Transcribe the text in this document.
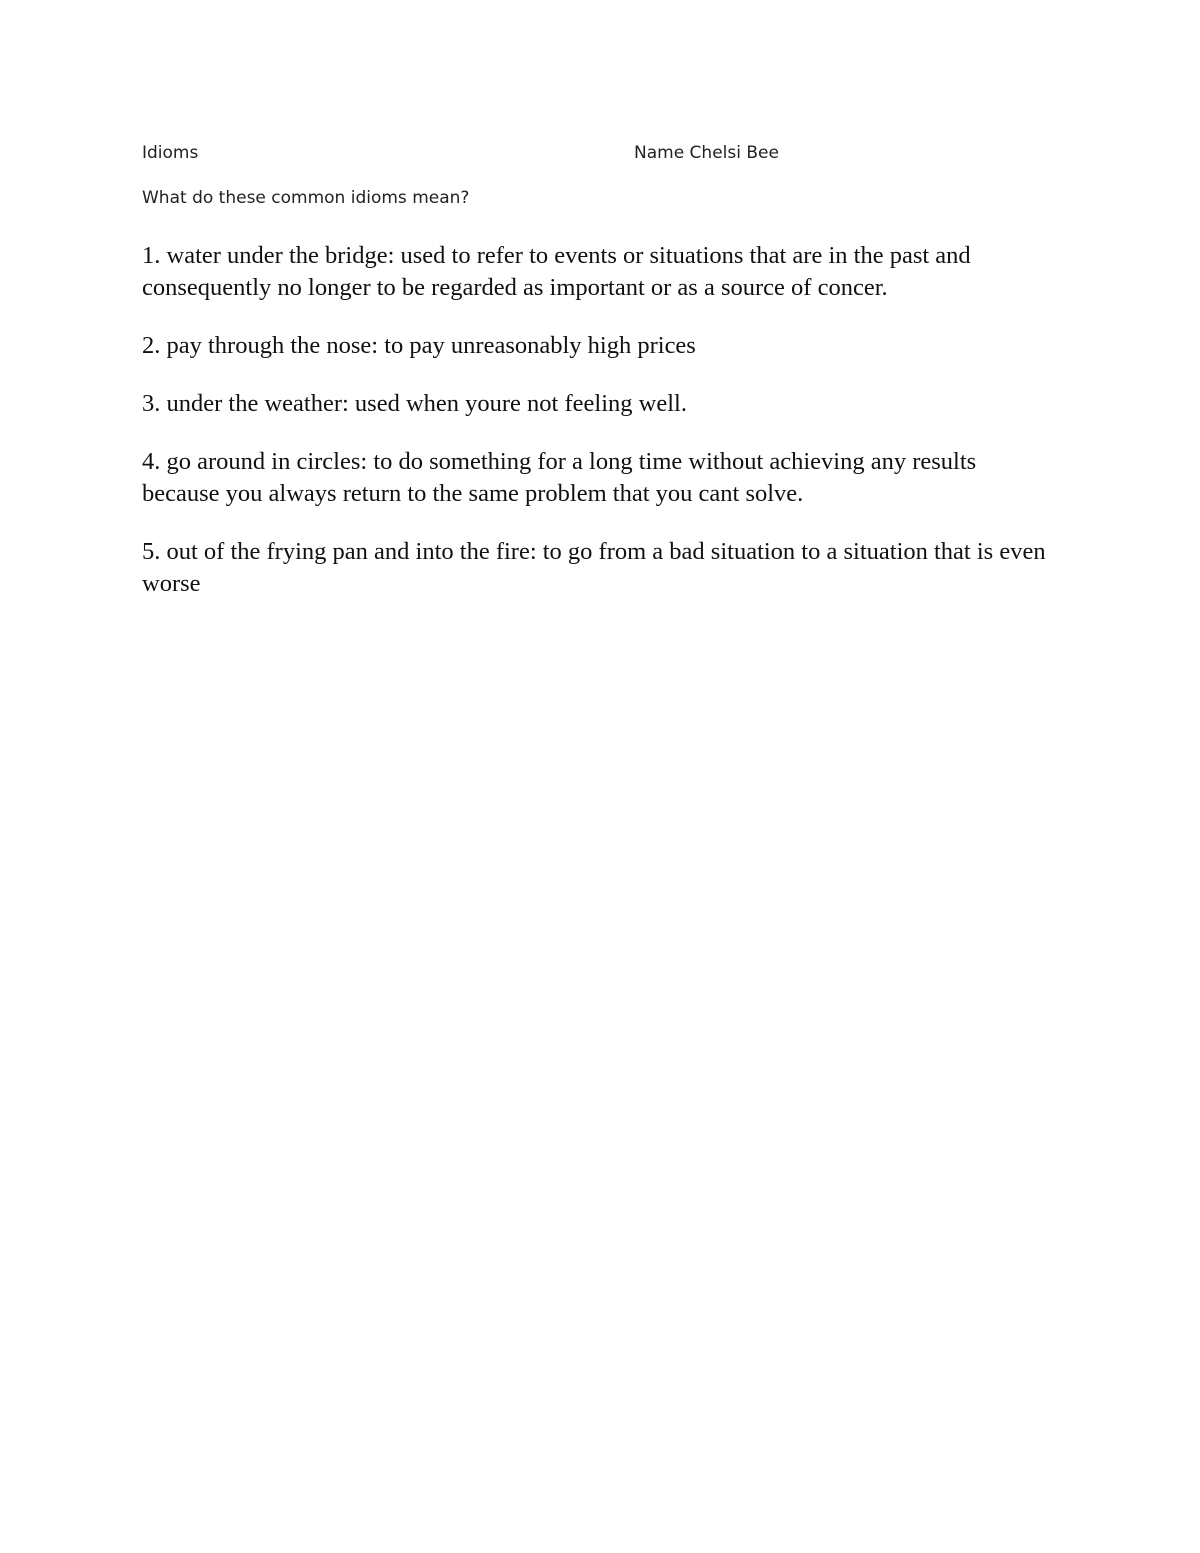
Idioms	Name Chelsi Bee
What do these common idioms mean?
1. water under the bridge: used to refer to events or situations that are in the past and consequently no longer to be regarded as important or as a source of concer.
2. pay through the nose: to pay unreasonably high prices
3. under the weather: used when youre not feeling well.
4. go around in circles: to do something for a long time without achieving any results because you always return to the same problem that you cant solve.
5. out of the frying pan and into the fire: to go from a bad situation to a situation that is even worse
